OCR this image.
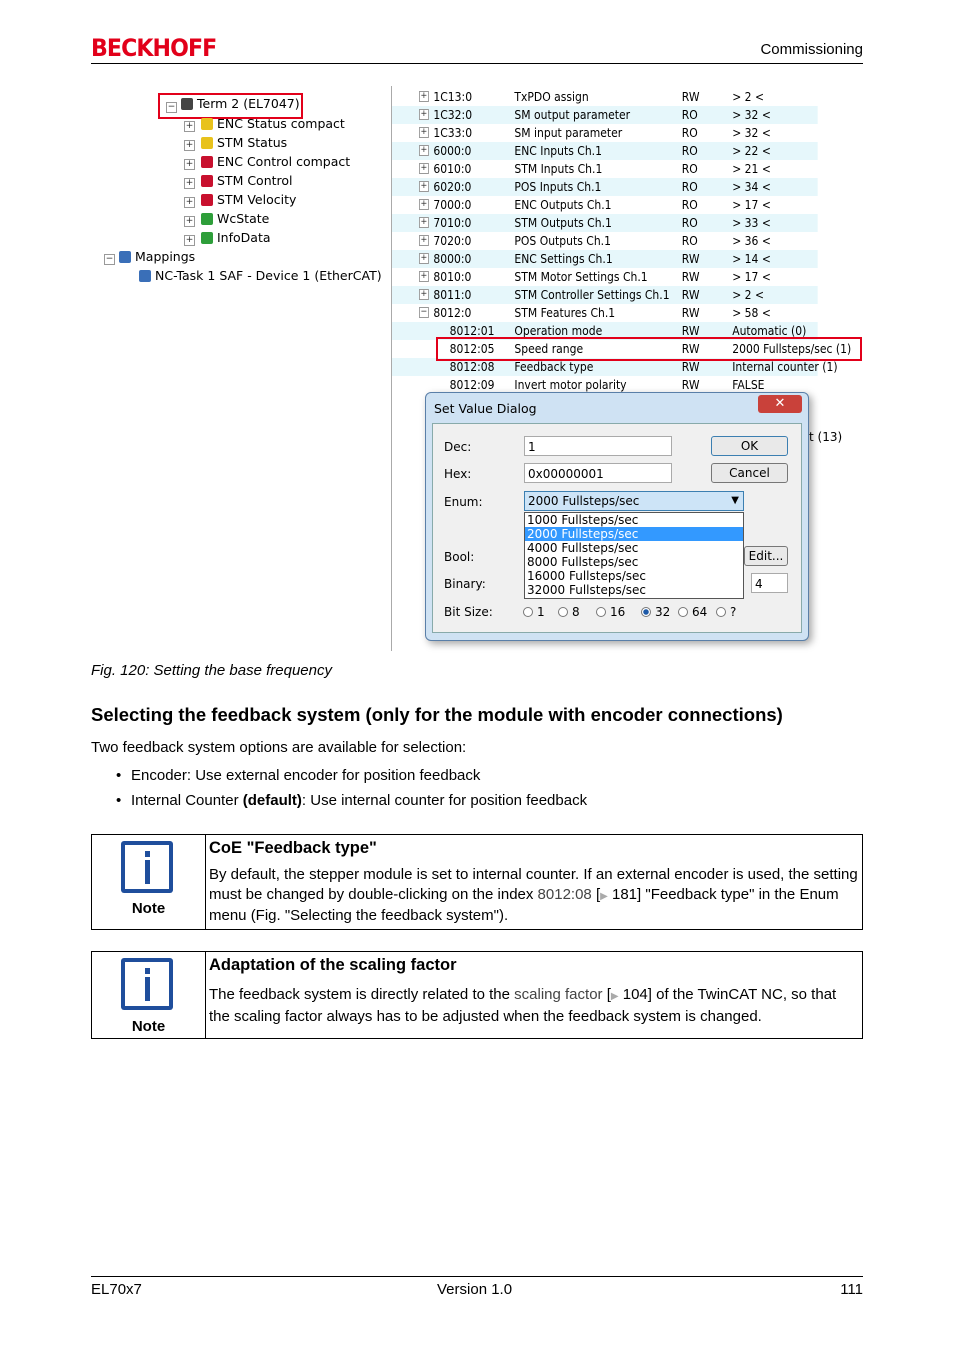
BECKHOFF	Commissioning
−	Term 2 (EL7047)
+	ENC Status compact
+	STM Status
+	ENC Control compact
+	STM Control
+	STM Velocity
+	WcState
+	InfoData
−	Mappings
NC-Task 1 SAF - Device 1 (EtherCAT)
+ 1C13:0	TxPDO assign	RW	> 2 <
+ 1C32:0	SM output parameter	RO	> 32 <
+ 1C33:0	SM input parameter	RO	> 32 <
+ 6000:0	ENC Inputs Ch.1	RO	> 22 <
+ 6010:0	STM Inputs Ch.1	RO	> 21 <
+ 6020:0	POS Inputs Ch.1	RO	> 34 <
+ 7000:0	ENC Outputs Ch.1	RO	> 17 <
+ 7010:0	STM Outputs Ch.1	RO	> 33 <
+ 7020:0	POS Outputs Ch.1	RO	> 36 <
+ 8000:0	ENC Settings Ch.1	RW	> 14 <
+ 8010:0	STM Motor Settings Ch.1	RW	> 17 <
+ 8011:0	STM Controller Settings Ch.1 RW	> 2 <
− 8012:0	STM Features Ch.1	RW	> 58 <
8012:01 Operation mode	RW	Automatic (0)
8012:05 Speed range	RW	2000 Fullsteps/sec (1)
8012:08 Feedback type	RW	Internal counter (1)
8012:09 Invert motor polarity	RW	FALSE
t (13)
Set Value Dialog	✕
Dec:	1	OK
Hex:	0x00000001	Cancel
Enum:	2000 Fullsteps/sec	▼
1000 Fullsteps/sec
2000 Fullsteps/sec
4000 Fullsteps/sec
8000 Fullsteps/sec
16000 Fullsteps/sec
32000 Fullsteps/sec
Bool:	Edit...
Binary:	4
Bit Size:	1	8	16	32	64	?
Fig. 120: Setting the base frequency
Selecting the feedback system (only for the module with encoder connections)
Two feedback system options are available for selection:
• Encoder: Use external encoder for position feedback
• Internal Counter (default): Use internal counter for position feedback
Note
CoE "Feedback type"
By default, the stepper module is set to internal counter. If an external encoder is used, the setting must be changed by double-clicking on the index 8012:08 [▶ 181] "Feedback type" in the Enum menu (Fig. "Selecting the feedback system").
Note
Adaptation of the scaling factor
The feedback system is directly related to the scaling factor [▶ 104] of the TwinCAT NC, so that the scaling factor always has to be adjusted when the feedback system is changed.
EL70x7	Version 1.0	111
